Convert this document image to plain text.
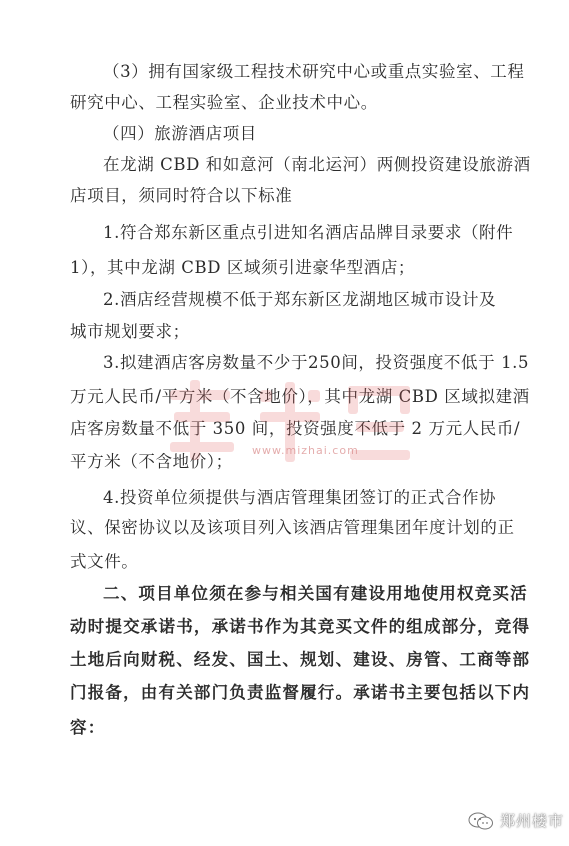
（3）拥有国家级工程技术研究中心或重点实验室、工程
研究中心、工程实验室、企业技术中心。
（四）旅游酒店项目
在龙湖 CBD 和如意河（南北运河）两侧投资建设旅游酒
店项目，须同时符合以下标准
1.符合郑东新区重点引进知名酒店品牌目录要求（附件
1），其中龙湖 CBD 区域须引进豪华型酒店；
2.酒店经营规模不低于郑东新区龙湖地区城市设计及
城市规划要求；
3.拟建酒店客房数量不少于250间，投资强度不低于 1.5
万元人民币/平方米（不含地价），其中龙湖 CBD 区域拟建酒
店客房数量不低于 350 间，投资强度不低于 2 万元人民币/
平方米（不含地价）；
4.投资单位须提供与酒店管理集团签订的正式合作协
议、保密协议以及该项目列入该酒店管理集团年度计划的正
式文件。
二、项目单位须在参与相关国有建设用地使用权竞买活
动时提交承诺书，承诺书作为其竞买文件的组成部分，竞得
土地后向财税、经发、国土、规划、建设、房管、工商等部
门报备，由有关部门负责监督履行。承诺书主要包括以下内
容：
www.mizhai.com
郑州楼市
